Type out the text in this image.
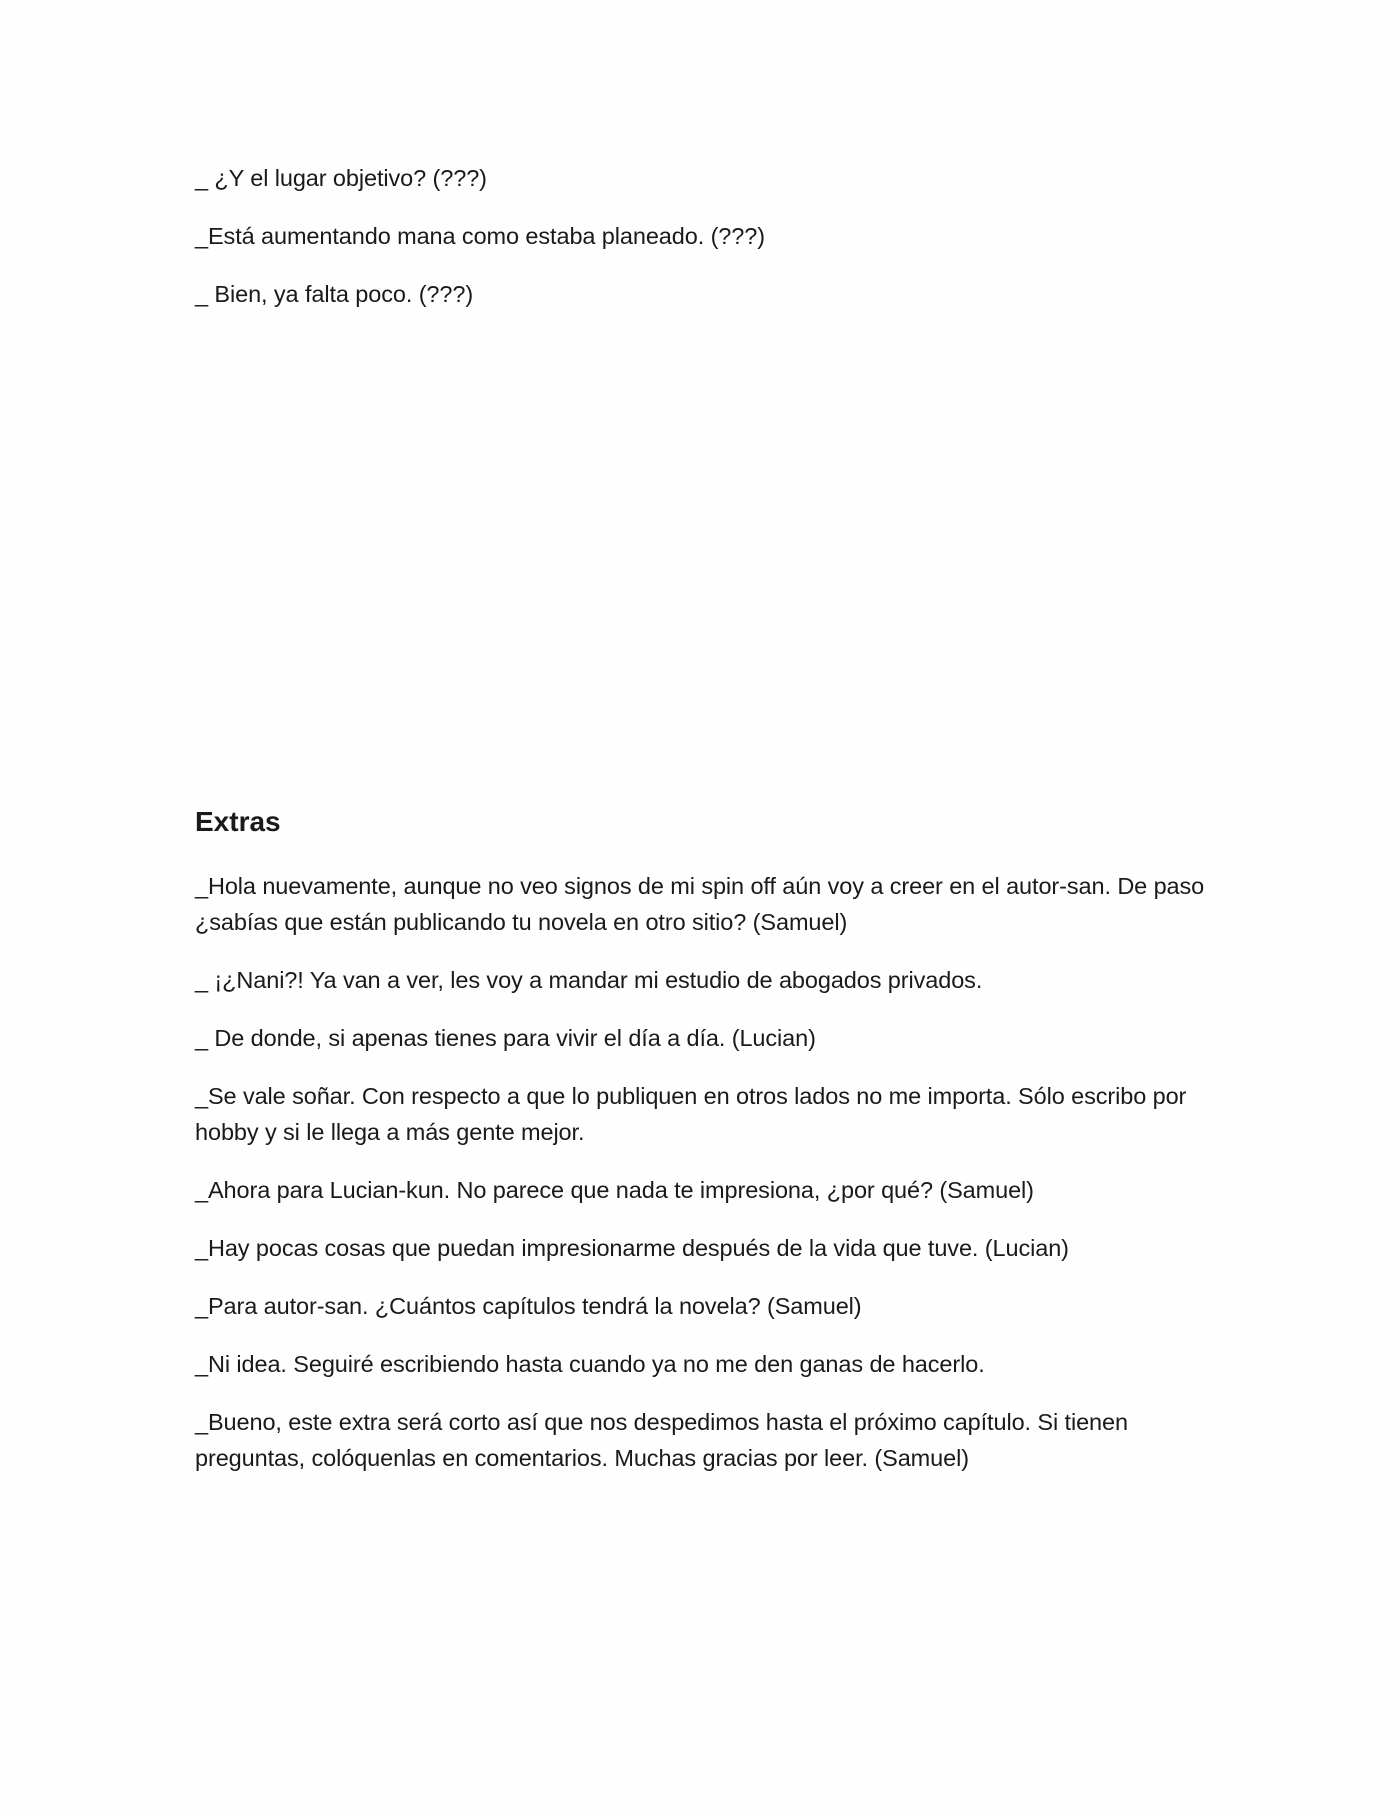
_ ¿Y el lugar objetivo? (???)

_Está aumentando mana como estaba planeado. (???)

_ Bien, ya falta poco. (???)

Extras

_Hola nuevamente, aunque no veo signos de mi spin off aún voy a creer en el autor-san. De paso ¿sabías que están publicando tu novela en otro sitio? (Samuel)

_ ¡¿Nani?! Ya van a ver, les voy a mandar mi estudio de abogados privados.

_ De donde, si apenas tienes para vivir el día a día. (Lucian)

_Se vale soñar. Con respecto a que lo publiquen en otros lados no me importa. Sólo escribo por hobby y si le llega a más gente mejor.

_Ahora para Lucian-kun. No parece que nada te impresiona, ¿por qué? (Samuel)

_Hay pocas cosas que puedan impresionarme después de la vida que tuve. (Lucian)

_Para autor-san. ¿Cuántos capítulos tendrá la novela? (Samuel)

_Ni idea. Seguiré escribiendo hasta cuando ya no me den ganas de hacerlo.

_Bueno, este extra será corto así que nos despedimos hasta el próximo capítulo. Si tienen preguntas, colóquenlas en comentarios. Muchas gracias por leer. (Samuel)
